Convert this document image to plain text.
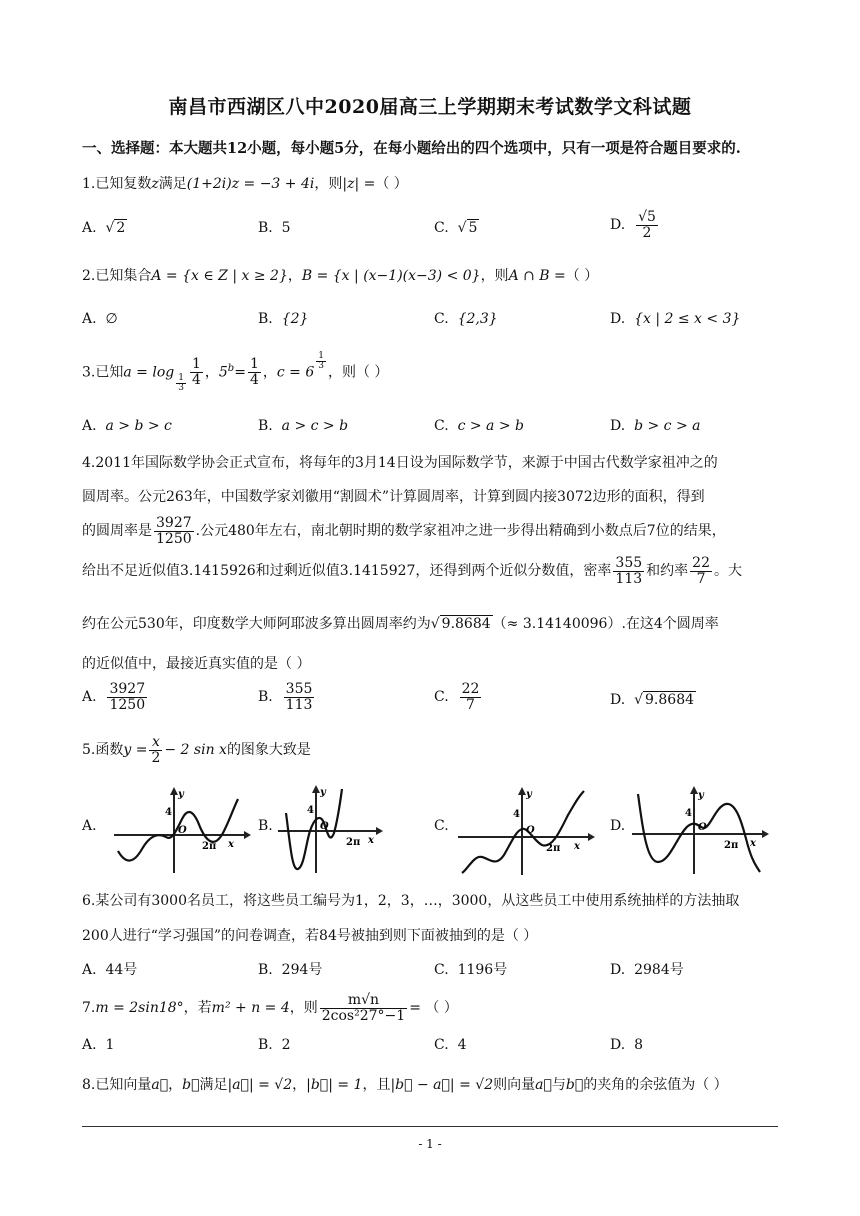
南昌市西湖区八中2020届高三上学期期末考试数学文科试题
一、选择题：本大题共12小题，每小题5分，在每小题给出的四个选项中，只有一项是符合题目要求的.
1.已知复数z满足(1+2i)z = −3 + 4i，则|z| =（ ）
A. √ 2	B. 5	C. √ 5	D. $\frac{√5}{2}$
2.已知集合A = {x ∈ Z | x ≥ 2}，B = {x | (x−1)(x−3) < 0}，则A ∩ B =（ ）
A. ∅	B. {2}	C. {2,3}	D. {x | 2 ≤ x < 3}
3.已知a = log
$\frac{1}{3} \frac{1}{4}$ ，$5^b= \frac{1}{4}$ ，c = 6
$\frac{1}{3}$
，则（ ）
A. a > b > c	B. a > c > b	C. c > a > b	D. b > c > a
4.2011年国际数学协会正式宣布，将每年的3月14日设为国际数学节，来源于中国古代数学家祖冲之的
圆周率。公元263年，中国数学家刘徽用“割圆术”计算圆周率，计算到圆内接3072边形的面积，得到
的圆周率是 $\frac{3927}{1250}$ .公元480年左右，南北朝时期的数学家祖冲之进一步得出精确到小数点后7位的结果，
给出不足近似值3.1415926和过剩近似值3.1415927，还得到两个近似分数值，密率 $\frac{355}{113}$ 和约率 $\frac{22}{7}$ 。大
约在公元530年，印度数学大师阿耶波多算出圆周率约为√ 9.8684 （≈ 3.14140096）.在这4个圆周率
的近似值中，最接近真实值的是（ ）
A. $\frac{3927}{1250}$	B. $\frac{355}{113}$	C. $\frac{22}{7}$	D. √ 9.8684
5.函数$y = \frac{x}{2} - 2$ sin x的图象大致是
A.	B.	C.	D.
O
4
y
2π x
O
4
y
2π x
O
4
y
2π x
O
4
y
2π x
6.某公司有3000名员工，将这些员工编号为1，2，3，…，3000，从这些员工中使用系统抽样的方法抽取
200人进行“学习强国”的问卷调查，若84号被抽到则下面被抽到的是（ ）
A. 44号	B. 294号	C. 1196号	D. 2984号
7.m = 2sin18°，若m² + n = 4，则 $\frac{m√n}{\text{2cos²27°−1}}$ = （ ）
A. 1	B. 2	C. 4	D. 8
8.已知向量a⃗，b⃗满足|a⃗| = √2，|b⃗| = 1，且|b⃗ − a⃗| = √2则向量a⃗与b⃗的夹角的余弦值为（ ）
- 1 -
